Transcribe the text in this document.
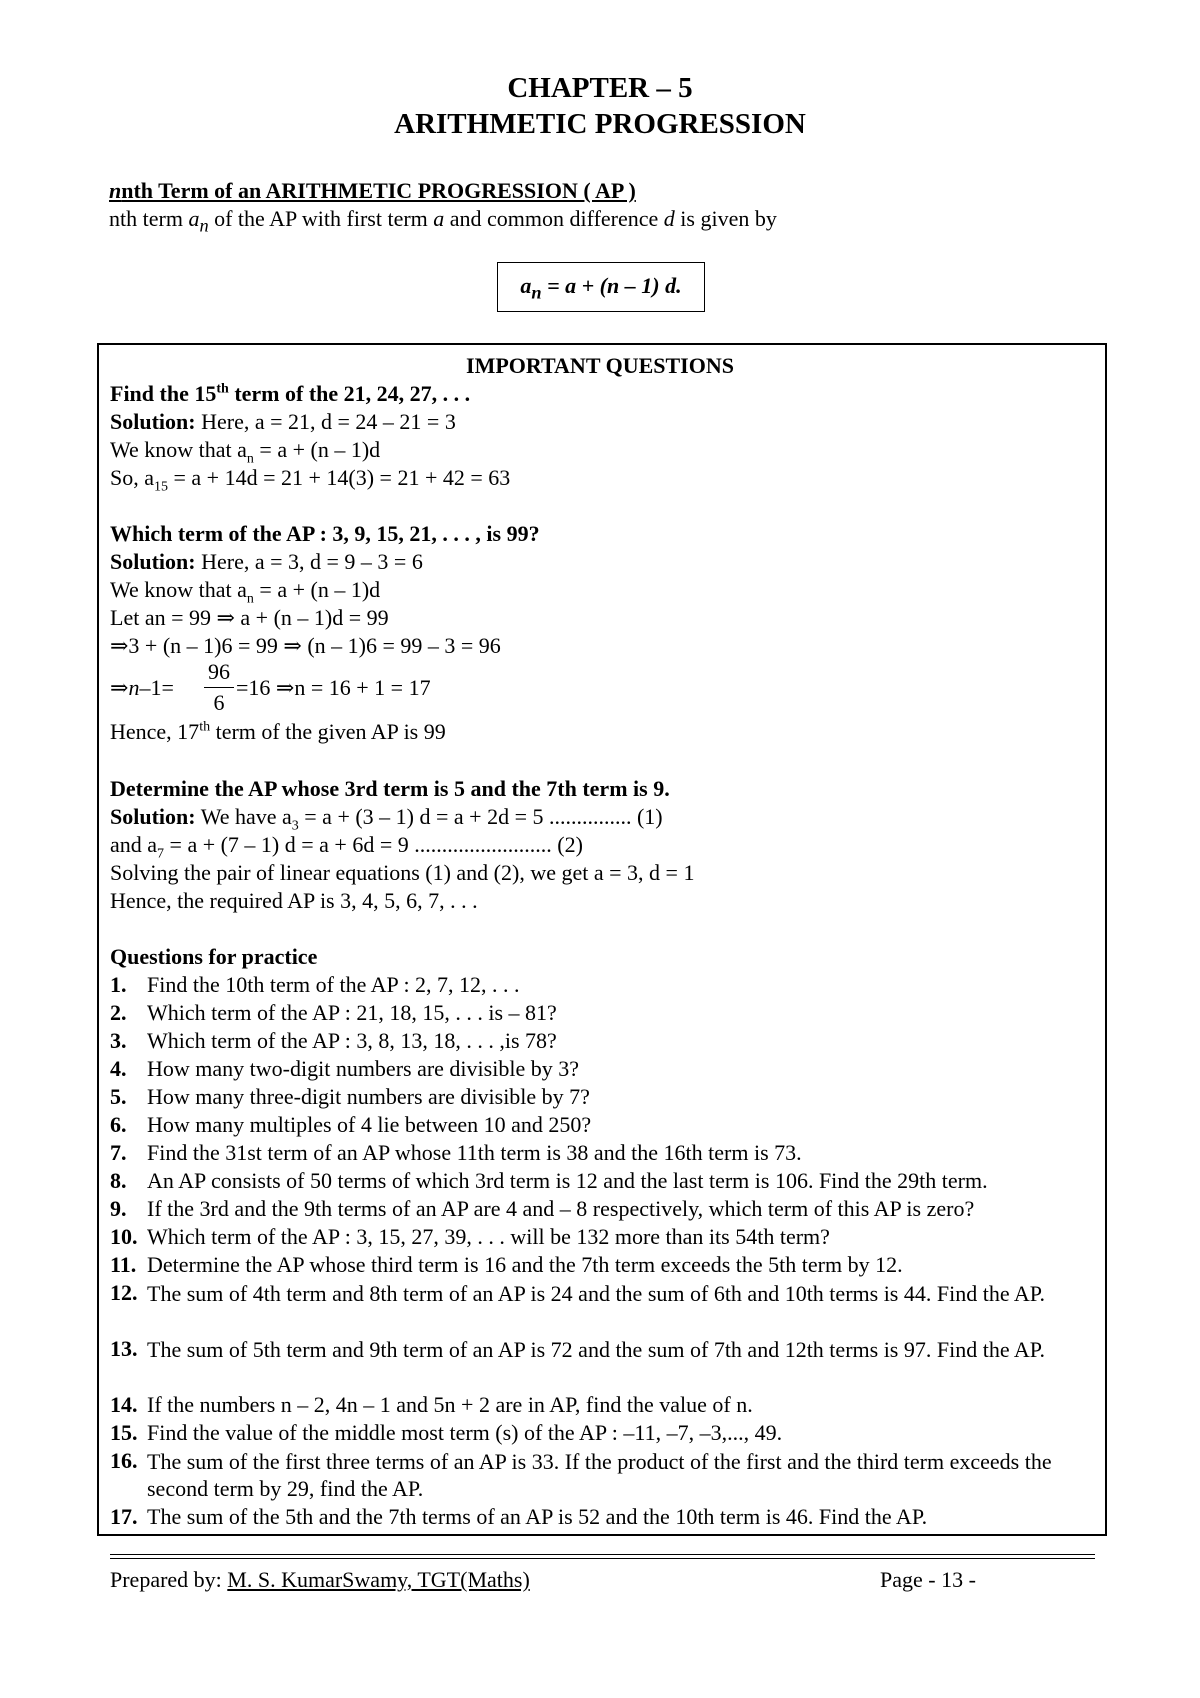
CHAPTER – 5
ARITHMETIC PROGRESSION
nnth Term of an ARITHMETIC PROGRESSION ( AP )
nth term $a_n$ of the AP with first term a and common difference d is given by
$a_n = a + (n - 1)$ d.
IMPORTANT QUESTIONS
Find the 15th term of the 21, 24, 27, . . .
Solution: Here, a = 21, d = 24 – 21 = 3
We know that $a_n = a + (n - 1)d$
So, $a_{15} = a + 14d = 21 + 14(3) = 21 + 42 = 63$
Which term of the AP : 3, 9, 15, 21, . . . , is 99?
Solution: Here, a = 3, d = 9 – 3 = 6
We know that $a_n = a + (n - 1)d$
Let an = 99 ⇒ a + (n – 1)d = 99
⇒3 + (n – 1)6 = 99 ⇒ (n – 1)6 = 99 – 3 = 96
⇒n–1=
96
6
=16 ⇒n = 16 + 1 = 17
Hence, 17th term of the given AP is 99
Determine the AP whose 3rd term is 5 and the 7th term is 9.
Solution: We have $a_3 = a + (3 - 1) d = a + 2d = 5$ ............... (1)
and $a_7 = a + (7 - 1) d = a + 6d = 9$ ......................... (2)
Solving the pair of linear equations (1) and (2), we get a = 3, d = 1
Hence, the required AP is 3, 4, 5, 6, 7, . . .
Questions for practice
1. Find the 10th term of the AP : 2, 7, 12, . . .
2. Which term of the AP : 21, 18, 15, . . . is – 81?
3. Which term of the AP : 3, 8, 13, 18, . . . ,is 78?
4. How many two-digit numbers are divisible by 3?
5. How many three-digit numbers are divisible by 7?
6. How many multiples of 4 lie between 10 and 250?
7. Find the 31st term of an AP whose 11th term is 38 and the 16th term is 73.
8. An AP consists of 50 terms of which 3rd term is 12 and the last term is 106. Find the 29th term.
9. If the 3rd and the 9th terms of an AP are 4 and – 8 respectively, which term of this AP is zero?
10. Which term of the AP : 3, 15, 27, 39, . . . will be 132 more than its 54th term?
11. Determine the AP whose third term is 16 and the 7th term exceeds the 5th term by 12.
12. The sum of 4th term and 8th term of an AP is 24 and the sum of 6th and 10th terms is 44. Find the AP.
13. The sum of 5th term and 9th term of an AP is 72 and the sum of 7th and 12th terms is 97. Find the AP.
14. If the numbers n – 2, 4n – 1 and 5n + 2 are in AP, find the value of n.
15. Find the value of the middle most term (s) of the AP : –11, –7, –3,..., 49.
16. The sum of the first three terms of an AP is 33. If the product of the first and the third term exceeds the second term by 29, find the AP.
17. The sum of the 5th and the 7th terms of an AP is 52 and the 10th term is 46. Find the AP.
Prepared by: M. S. KumarSwamy, TGT(Maths)	Page - 13 -
